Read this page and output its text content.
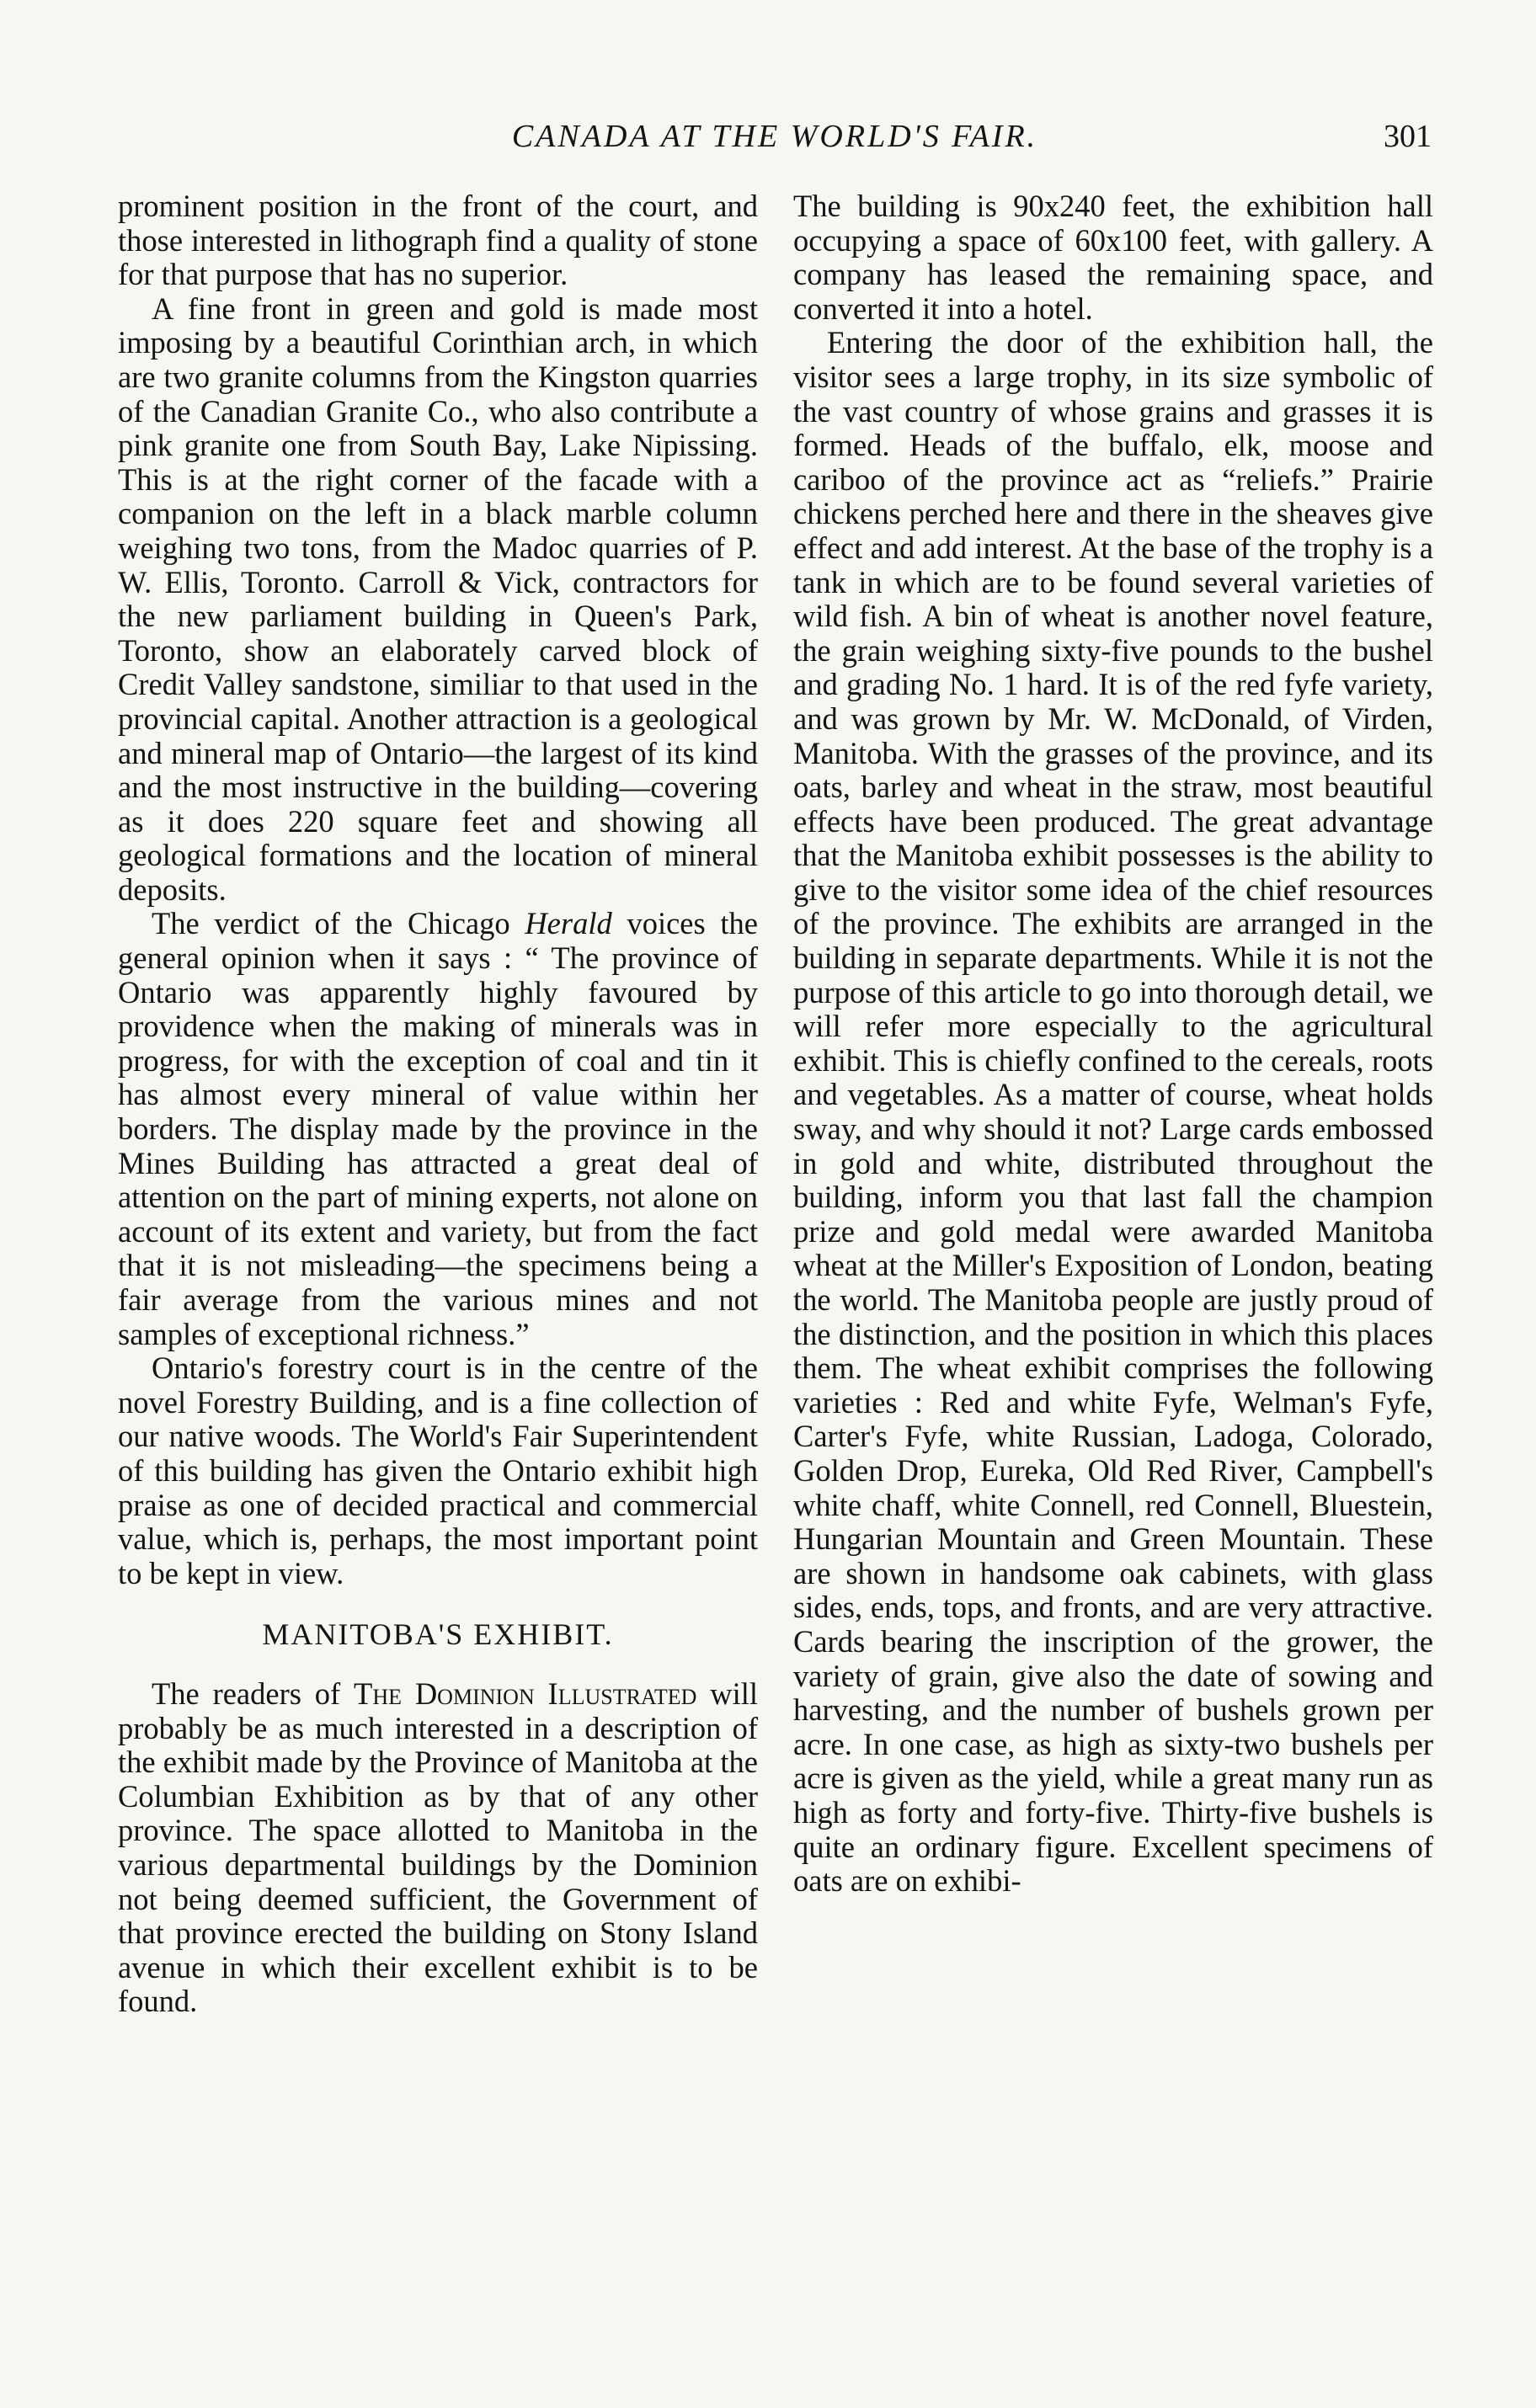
CANADA AT THE WORLD'S FAIR.	301

prominent position in the front of the court, and those interested in lithograph find a quality of stone for that purpose that has no superior.

A fine front in green and gold is made most imposing by a beautiful Corinthian arch, in which are two granite columns from the Kingston quarries of the Canadian Granite Co., who also contribute a pink granite one from South Bay, Lake Nipissing. This is at the right corner of the facade with a companion on the left in a black marble column weighing two tons, from the Madoc quarries of P. W. Ellis, Toronto. Carroll & Vick, contractors for the new parliament building in Queen's Park, Toronto, show an elaborately carved block of Credit Valley sandstone, similiar to that used in the provincial capital. Another attraction is a geological and mineral map of Ontario—the largest of its kind and the most instructive in the building—covering as it does 220 square feet and showing all geological formations and the location of mineral deposits.

The verdict of the Chicago Herald voices the general opinion when it says : “ The province of Ontario was apparently highly favoured by providence when the making of minerals was in progress, for with the exception of coal and tin it has almost every mineral of value within her borders. The display made by the province in the Mines Building has attracted a great deal of attention on the part of mining experts, not alone on account of its extent and variety, but from the fact that it is not misleading—the specimens being a fair average from the various mines and not samples of exceptional richness.”

Ontario's forestry court is in the centre of the novel Forestry Building, and is a fine collection of our native woods. The World's Fair Superintendent of this building has given the Ontario exhibit high praise as one of decided practical and commercial value, which is, perhaps, the most important point to be kept in view.

MANITOBA'S EXHIBIT.

The readers of The Dominion Illustrated will probably be as much interested in a description of the exhibit made by the Province of Manitoba at the Columbian Exhibition as by that of any other province. The space allotted to Manitoba in the various departmental buildings by the Dominion not being deemed sufficient, the Government of that province erected the building on Stony Island avenue in which their excellent exhibit is to be found.

The building is 90x240 feet, the exhibition hall occupying a space of 60x100 feet, with gallery. A company has leased the remaining space, and converted it into a hotel.

Entering the door of the exhibition hall, the visitor sees a large trophy, in its size symbolic of the vast country of whose grains and grasses it is formed. Heads of the buffalo, elk, moose and cariboo of the province act as “reliefs.” Prairie chickens perched here and there in the sheaves give effect and add interest. At the base of the trophy is a tank in which are to be found several varieties of wild fish. A bin of wheat is another novel feature, the grain weighing sixty-five pounds to the bushel and grading No. 1 hard. It is of the red fyfe variety, and was grown by Mr. W. McDonald, of Virden, Manitoba. With the grasses of the province, and its oats, barley and wheat in the straw, most beautiful effects have been produced. The great advantage that the Manitoba exhibit possesses is the ability to give to the visitor some idea of the chief resources of the province. The exhibits are arranged in the building in separate departments. While it is not the purpose of this article to go into thorough detail, we will refer more especially to the agricultural exhibit. This is chiefly confined to the cereals, roots and vegetables. As a matter of course, wheat holds sway, and why should it not? Large cards embossed in gold and white, distributed throughout the building, inform you that last fall the champion prize and gold medal were awarded Manitoba wheat at the Miller's Exposition of London, beating the world. The Manitoba people are justly proud of the distinction, and the position in which this places them. The wheat exhibit comprises the following varieties : Red and white Fyfe, Welman's Fyfe, Carter's Fyfe, white Russian, Ladoga, Colorado, Golden Drop, Eureka, Old Red River, Campbell's white chaff, white Connell, red Connell, Bluestein, Hungarian Mountain and Green Mountain. These are shown in handsome oak cabinets, with glass sides, ends, tops, and fronts, and are very attractive. Cards bearing the inscription of the grower, the variety of grain, give also the date of sowing and harvesting, and the number of bushels grown per acre. In one case, as high as sixty-two bushels per acre is given as the yield, while a great many run as high as forty and forty-five. Thirty-five bushels is quite an ordinary figure. Excellent specimens of oats are on exhibi-
